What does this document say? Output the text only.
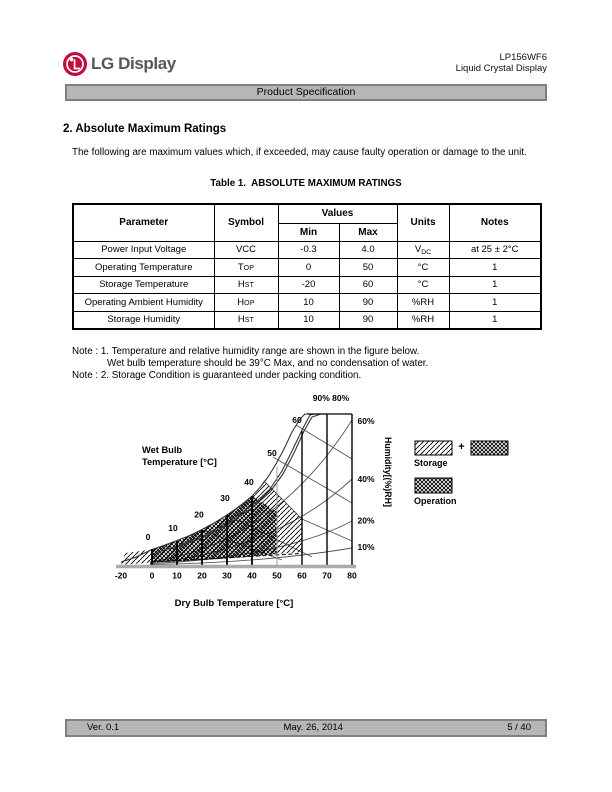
LG Display	LP156WF6
Liquid Crystal Display
Product Specification
2. Absolute Maximum Ratings
The following are maximum values which, if exceeded, may cause faulty operation or damage to the unit.
Table 1.  ABSOLUTE MAXIMUM RATINGS
Parameter	Symbol	Values		Units	Notes
		Min	Max		
Power Input Voltage	VCC	-0.3	4.0	VDC	at 25 ± 2°C
Operating Temperature	TOP	0	50	°C	1
Storage Temperature	HST	-20	60	°C	1
Operating Ambient Humidity	HOP	10	90	%RH	1
Storage Humidity	HST	10	90	%RH	1
Note : 1. Temperature and relative humidity range are shown in the figure below.
Wet bulb temperature should be 39°C Max, and no condensation of water.
Note : 2. Storage Condition is guaranteed under packing condition.
-20	0 10 20 30 40 50 60 70 80
0
10
20
30
40
50
60	60%
40%
20%
10%
90% 80%
Wet Bulb
Temperature [°C]	Humidity[(%)RH]
Dry Bulb Temperature [°C]
+
Storage
Operation
Ver. 0.1	May. 26, 2014	5 / 40
